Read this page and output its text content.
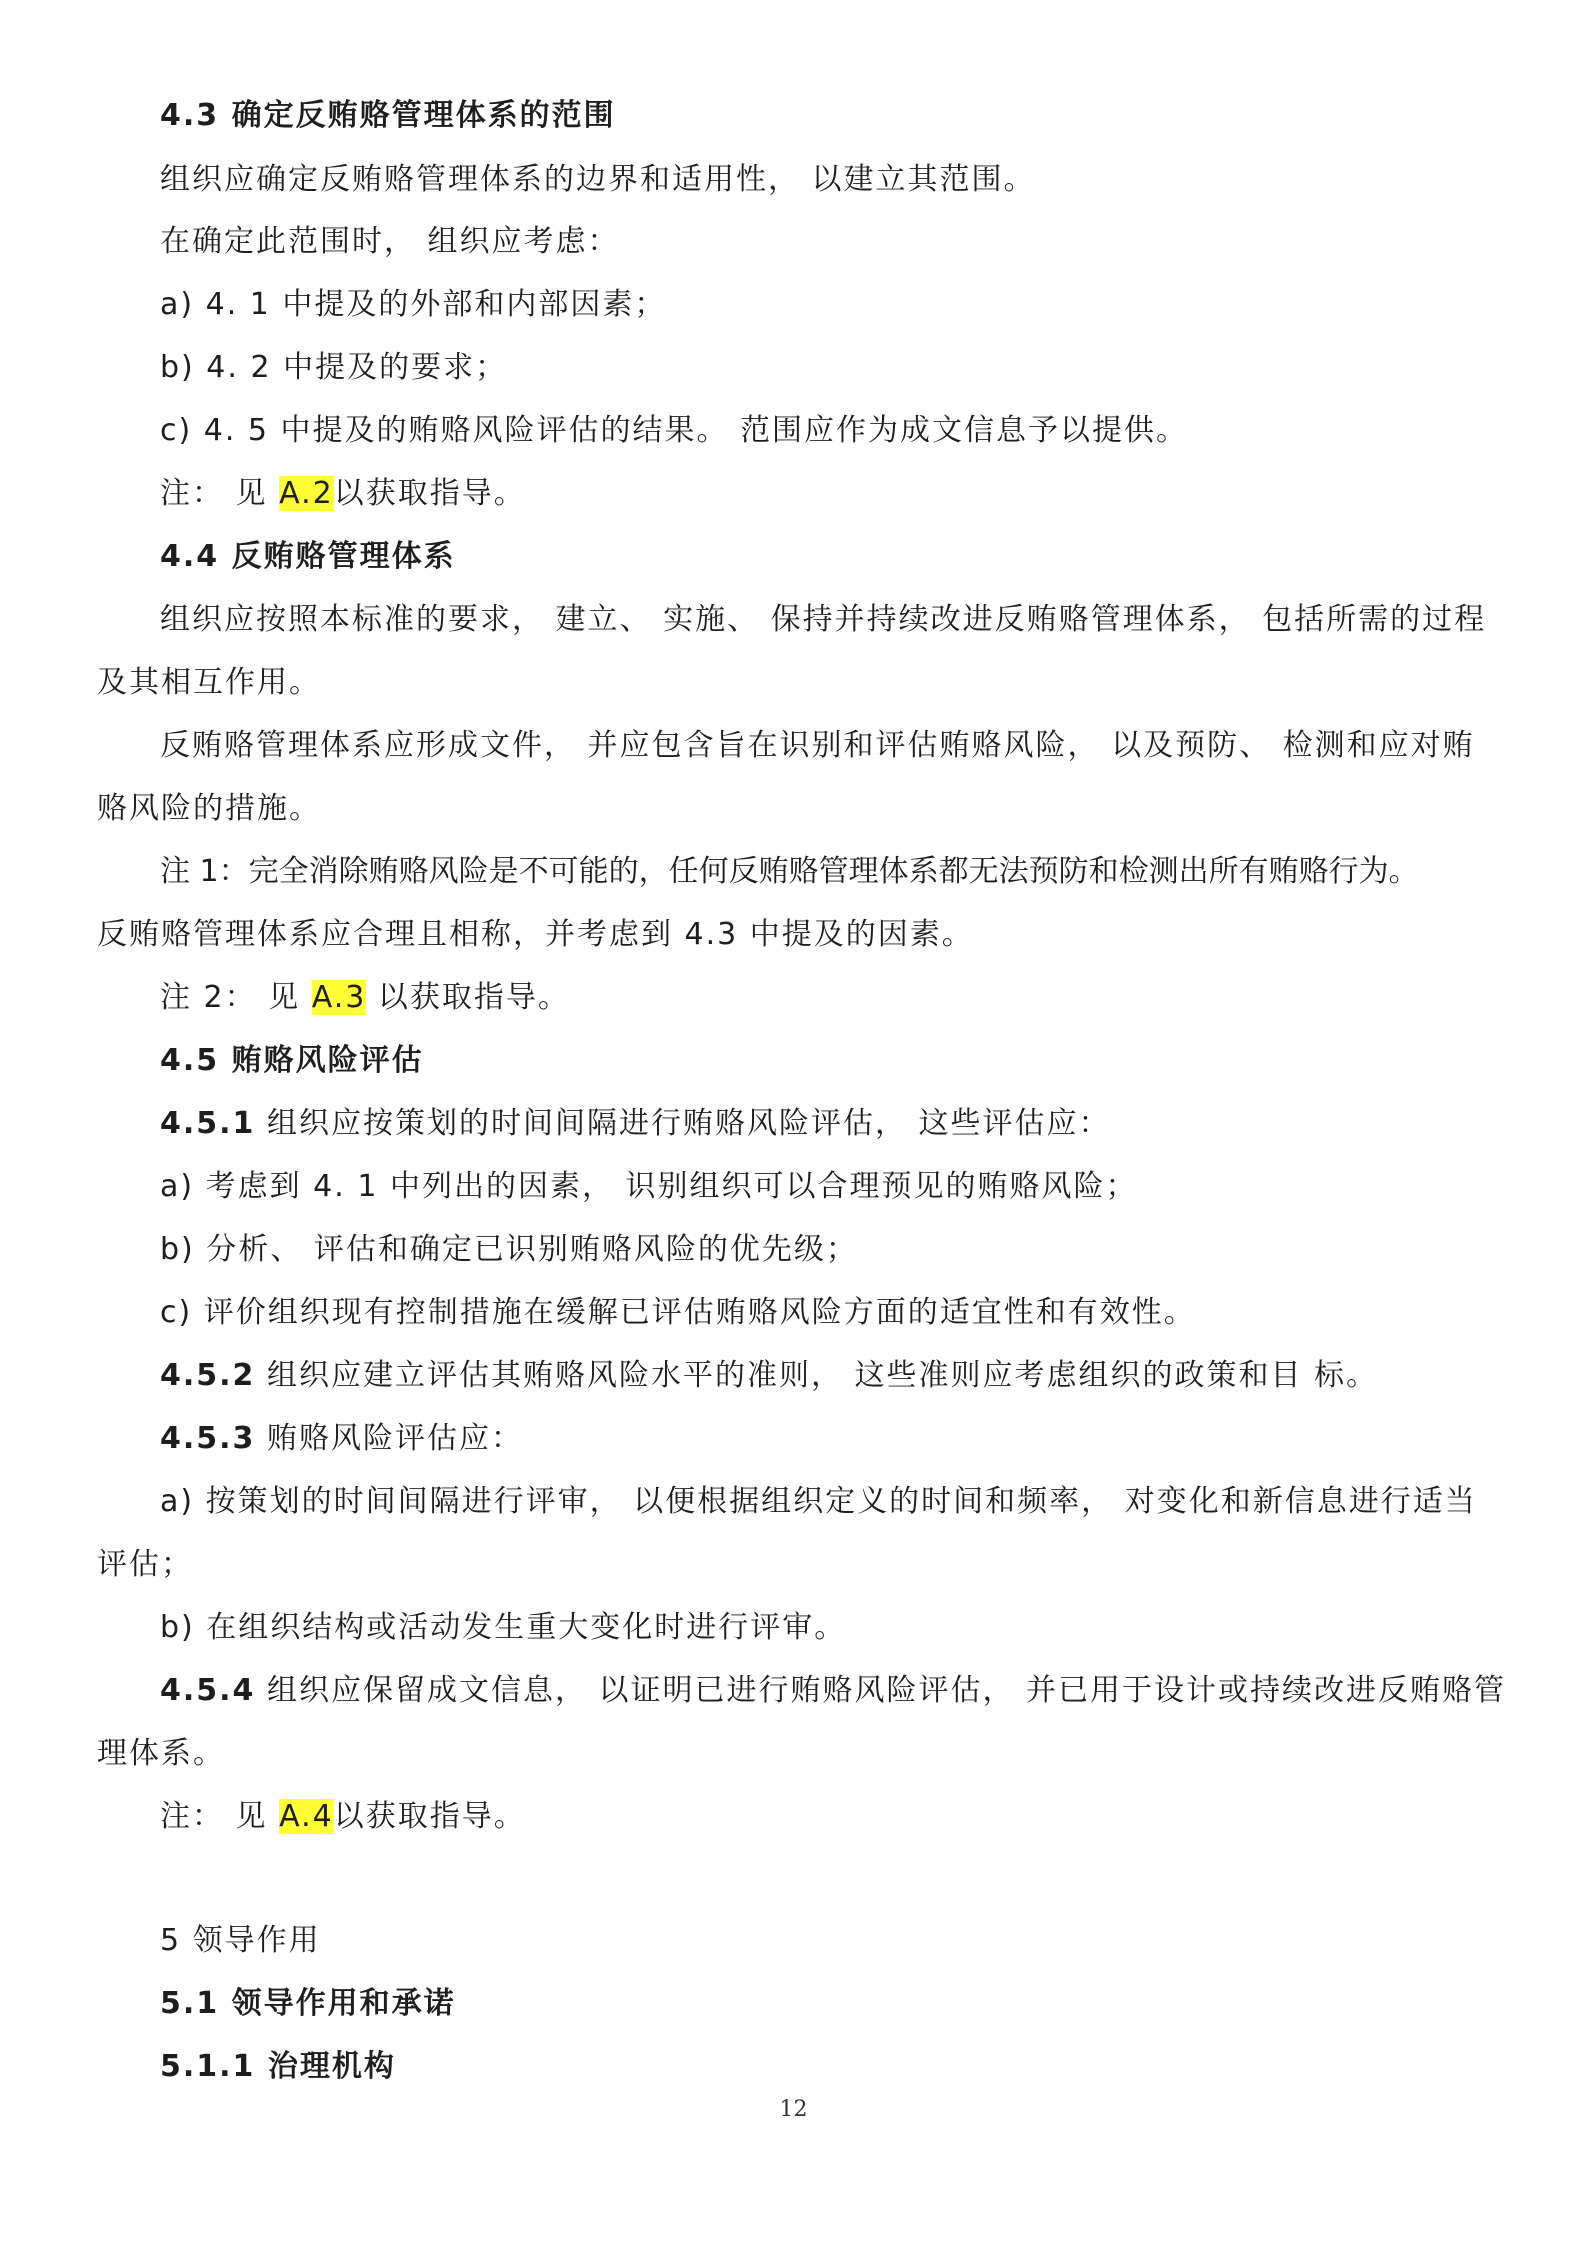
4.3 确定反贿赂管理体系的范围
组织应确定反贿赂管理体系的边界和适用性， 以建立其范围。
在确定此范围时， 组织应考虑：
a) 4. 1 中提及的外部和内部因素；
b) 4. 2 中提及的要求；
c) 4. 5 中提及的贿赂风险评估的结果。 范围应作为成文信息予以提供。
注： 见 A.2以获取指导。
4.4 反贿赂管理体系
组织应按照本标准的要求， 建立、 实施、 保持并持续改进反贿赂管理体系， 包括所需的过程
及其相互作用。
反贿赂管理体系应形成文件， 并应包含旨在识别和评估贿赂风险， 以及预防、 检测和应对贿
赂风险的措施。
注 1：完全消除贿赂风险是不可能的，任何反贿赂管理体系都无法预防和检测出所有贿赂行为。
反贿赂管理体系应合理且相称，并考虑到 4.3 中提及的因素。
注 2： 见 A.3 以获取指导。
4.5 贿赂风险评估
4.5.1 组织应按策划的时间间隔进行贿赂风险评估， 这些评估应：
a) 考虑到 4. 1 中列出的因素， 识别组织可以合理预见的贿赂风险；
b) 分析、 评估和确定已识别贿赂风险的优先级；
c) 评价组织现有控制措施在缓解已评估贿赂风险方面的适宜性和有效性。
4.5.2 组织应建立评估其贿赂风险水平的准则， 这些准则应考虑组织的政策和目 标。
4.5.3 贿赂风险评估应：
a) 按策划的时间间隔进行评审， 以便根据组织定义的时间和频率， 对变化和新信息进行适当
评估；
b) 在组织结构或活动发生重大变化时进行评审。
4.5.4 组织应保留成文信息， 以证明已进行贿赂风险评估， 并已用于设计或持续改进反贿赂管
理体系。
注： 见 A.4以获取指导。
5 领导作用
5.1 领导作用和承诺
5.1.1 治理机构
12
